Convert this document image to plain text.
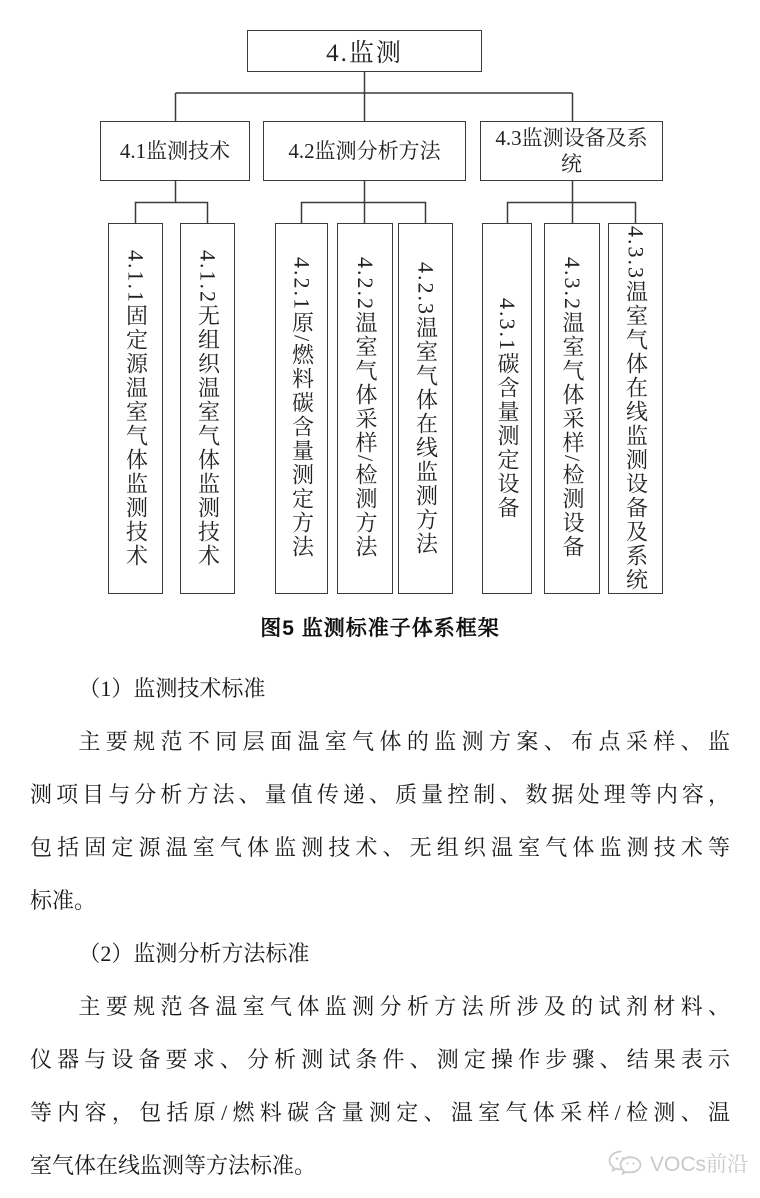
4.监测
4.1监测技术	4.2监测分析方法
4.3监测设备及系统
4.1.1固定源温室气体监测技术	4.1.2无组织温室气体监测技术	4.2.1原/燃料碳含量测定方法	4.2.2温室气体采样/检测方法	4.2.3温室气体在线监测方法	4.3.1碳含量测定设备	4.3.2温室气体采样/检测设备	4.3.3温室气体在线监测设备及系统
图5 监测标准子体系框架
（1）监测技术标准
主要规范不同层面温室气体的监测方案、布点采样、监
测项目与分析方法、量值传递、质量控制、数据处理等内容，
包括固定源温室气体监测技术、无组织温室气体监测技术等
标准。
（2）监测分析方法标准
主要规范各温室气体监测分析方法所涉及的试剂材料、
仪器与设备要求、分析测试条件、测定操作步骤、结果表示
等内容，包括原/燃料碳含量测定、温室气体采样/检测、温
室气体在线监测等方法标准。	VOCs前沿
